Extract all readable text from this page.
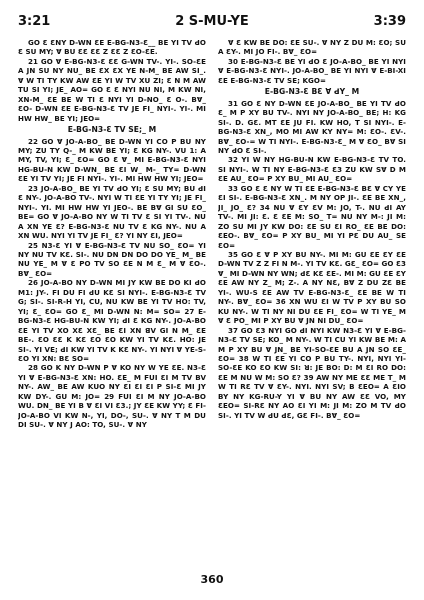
3:21	2 S-MU-YE	3:39

GO Ɛ ƐNY D-WN ƐE E-BG-N3-Ɛ__ BE YI TV ꓒO Ɛ SU MY; Ɐ BU ƐƐ ƐƐ Z ƐƐ Z ƐO-ƐE.

21 GO Ɐ E-BG-N3-Ɛ ƐƐ G-WN TV-. YI-. SO-ƐE A JN SU NY NU_ BE ƐX ƐX YE N-M_ BE AW SI_. Ɐ W TI TY KW AW ƐE YI W TV XU ZI; Ɛ N M AW TU SI YI; JE_ AO= GO Ɛ Ɛ NYI NU NI, M KW NI, XN-M_ ƐE BE W TI Ɛ NYI YI D-NO_ Ɛ O-. BⱯ_ ƐO- D-WN ƐE E-BG-N3-Ɛ TV JE FI_ NYI-. YI-. MI HW HW_ BE YI; JEO=

E-BG-N3-Ɛ TV SE;_ M

22 GO Ɐ JO-A-BO_ BE D-WN YI CO P BU NY MY; ZU TY Q-_ M KW BE YI; Ɛ KG NY-. VU 1: A MY, TV, YI; Ɛ_ ƐO= GO Ɛ Ɐ_ MI E-BG-N3-Ɛ NYI HG-BU-N KW D-WN_ BE ƐI W_ M-_ TY= D-WN ƐE YI TV YI; JE FI NYI-. YI-. MI HW HW YI; JEO=

23 JO-A-BO_ BE YI TV ꓒO YI; Ɛ SU MY; BU ꓒI Ɛ NY-. JO-A-BO TV-. NYI W TI ƐE YI TY YI; JE FI_ NYI-. YI. MI HW HW YI JEO-. BE BⱯ GI SU ƐO_ BE= GO Ɐ JO-A-BO NY W TI TV Ɛ SI YI TV-. NU A XN YE Ɛ? E-BG-N3-Ɛ NU TV Ɛ KG NY-. NU A XN WU. NYI YI TV JE FI_ Ɛ? YI NY ƐI, JEO=

25 N3-Ɛ YI Ɐ E-BG-N3-Ɛ TV NU SO_ ƐO= YI NY NU TV KƐ. SI-. NU DN DN DO DO YE_ M_ BE NU YE_ M Ɐ Ɛ PO TV SO ƐE N M Ɛ_ M Ɐ ƐO-. BⱯ_ ƐO=

26 JO-A-BO NY D-WN MI JY KW BE DO KI ꓒO M1: JY-. FI DU FI ꓒU KƐ SI NYI-. E-BG-N3-Ɛ TV G; SI-. SI-R-H YI, CU, NU KW BE YI TV HO: TV, YI; Ɛ_ ƐO= GO Ɛ_ MI D-WN N: M= SO= 27 E-BG-N3-Ɛ HG-BU-N KW YI; ꓒI Ɛ KG NY-. JO-A-BO ƐE YI TV XO XƐ XƐ_ BE ƐI XN ꓭV GI N M_ ƐE BE-. ƐO ƐƐ K KƐ ƐO ƐO KW YI TV KƐ. HO: JE SI-. YI VE; ꓒI KW YI TV K KƐ NY-. YI NYI Ɐ YE-S-ƐO YI XN: BƐ SO=

28 GO K NY D-WN P Ɐ KO NY W YE ƐE. N3-Ɛ YI Ɐ E-BG-N3-Ɛ XN: HO. ƐE_ M FUI ƐI M TV BV NY-. AW_ BE AW KUO NY ƐI ƐI ƐI P SI-Ɛ MI JY KW ꓓY-. GU M: JO= 29 FUI ƐI M NY JO-A-BO WU. DN_ BE YI B Ɐ ƐI VI Ɛ3.; JY ƐE KW YY; Ɛ FI- JO-A-BO VI KW N-, YI, DO-, SU-. Ɐ NY T M ꓓU DI SU-. Ɐ NY J AO: TO, SU-. Ɐ NY

Ɐ Ɛ KW BE DO: ƐE SU-. Ɐ NY Z DU M: ƐO; SU A ƐY-. MI JO FI-. BⱯ_ ƐO=

30 E-BG-N3-Ɛ BE YI ꓒO Ɛ JO-A-BO_ BE YI NYI Ɐ E-BG-N3-Ɛ NYI-. JO-A-BO_ BE YI NYI Ɐ E-BI-XI ƐE E-BG-N3-Ɛ TV SE; KGO=

E-BG-N3-Ɛ BƐ Ɐ ꓒY_ M

31 GO Ɛ NY D-WN ƐE JO-A-BO_ BE YI TV ꓒO Ɛ_ M P XY BU TV-. NYI NY JO-A-BO_ BE; H: KG SI-. D. GƐ. MT ƐE JU FI. KW HO, T SI NYI-. E-BG-N3-Ɛ XN_, MO MI AW KY NY= M: ƐO-. ƐV-. BⱯ_ ƐO-= W TI NYI-. E-BG-N3-Ɛ_ M Ɐ ƐO_ BⱯ SI NY ꓒO Ɛ SI-.

32 YI W NY HG-BU-N KW E-BG-N3-Ɛ TV TO. SI NYI-. W TI NY E-BG-N3-Ɛ Ɛ3 ZU KW SⱯ D M ƐE AU_ ƐO= P XY BU_ MI AU_ ƐO=

33 GO Ɛ Ɛ NY W TI ƐE E-BG-N3-Ɛ BƐ Ɐ CY YE ƐI SI-. E-BG-N3-Ɛ XN_. M NY OP JI-. ƐE BE XN_, JI_ JO_ Ɛ? 34 NU Ɐ ƐY ƐV M: JO, T-. NU ꓒI AY TV-. MI JI: Ɛ. Ɛ ƐE M: SO_ T= NU NY M-: JI M: ZO SU MI JY KW DO: ƐE SU ƐI RO_ ƐE BE DO: ƐEO-. BⱯ_ ƐO= P XY BU_ MI YI PƐ DU AU_ SE ƐO=

35 GO Ɛ Ɐ P XY BU NY-. MI M: GU ƐE ƐY ƐE D-WN TV Z Z FI N M-. YI TV KƐ. GƐ_ ƐO= GO Ɛ3 Ɐ_ MI D-WN NY WN; ꓒƐ KƐ ƐE-. MI M: GU ƐE ƐY ƐE AW NY Z_ M; Z-. A NY NƐ, BⱯ Z DU ZƐ BE YI-. WU-S ƐE AW TV E-BG-N3-Ɛ_ ƐE BE W TI NY-. BⱯ_ ƐO= 36 XN WU ƐI W TV P XY BU SO KU NY-. W TI NY NI ꓓU ƐE FI_ ƐO= W TI YE_ M Ɐ Ɛ PO_ MI P XY BU Ɐ JN NI ꓓU_ ƐO=

37 GO Ɛ3 NYI GO ꓒI NYI KW N3-Ɛ YI Ɐ E-BG-N3-Ɛ TV SE; KO_ M NY-. W TI CU YI KW BE M: A M P XY BU Ɐ JN_ BE YI-SO-ƐE BU A JN SO ƐE_ ƐO= 38 W TI ƐE YI CO P BU TY-. NYI, NYI YI-SO-ƐE KO ƐO KW SI: ꓤ: JE BO: D: M ƐI RO DO: ƐE M NU W M: SO Ɛ? 39 AW NY ME ƐƐ ME T_ M W TI RƐ TV Ɐ ƐY-. NYI. NYI SV; B ƐEO= A ƐIO BY NY KG-RU-Y YI Ɐ BU NY AW ƐƐ VO, MY ƐEO= SI-RƐ NY AO ƐI YI M: JI M: ZO M TV ꓒO SI-. YI TV W ꓒU ꓒƐ, GƐ FI-. BⱯ_ ƐO=

360
